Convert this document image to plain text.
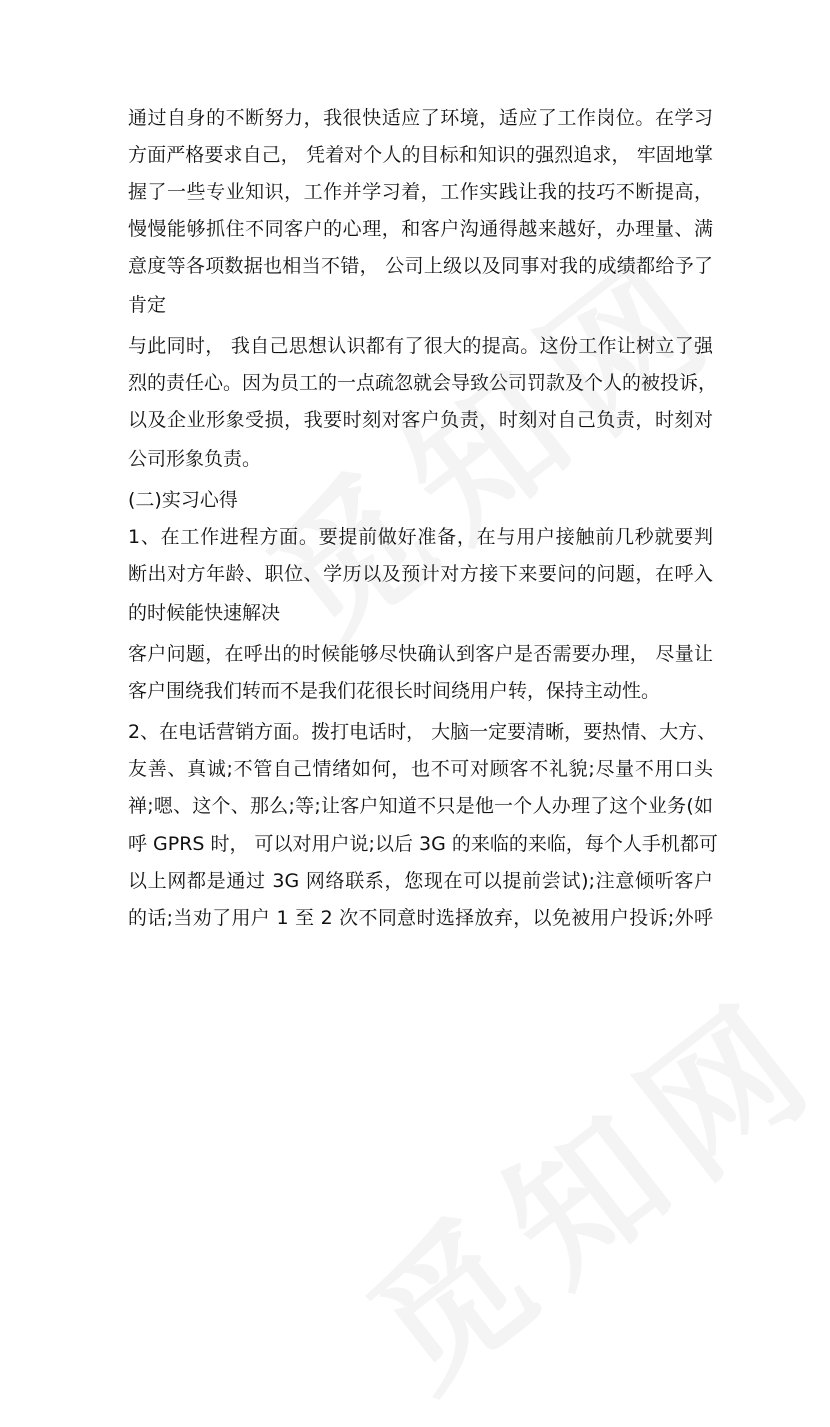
通过自身的不断努力，我很快适应了环境，适应了工作岗位。在学习
方面严格要求自己， 凭着对个人的目标和知识的强烈追求， 牢固地掌
握了一些专业知识，工作并学习着，工作实践让我的技巧不断提高，
慢慢能够抓住不同客户的心理，和客户沟通得越来越好，办理量、满
意度等各项数据也相当不错， 公司上级以及同事对我的成绩都给予了
肯定
与此同时， 我自己思想认识都有了很大的提高。这份工作让树立了强
烈的责任心。因为员工的一点疏忽就会导致公司罚款及个人的被投诉，
以及企业形象受损，我要时刻对客户负责，时刻对自己负责，时刻对
公司形象负责。
(二)实习心得
1、在工作进程方面。要提前做好准备，在与用户接触前几秒就要判
断出对方年龄、职位、学历以及预计对方接下来要问的问题，在呼入
的时候能快速解决
客户问题，在呼出的时候能够尽快确认到客户是否需要办理， 尽量让
客户围绕我们转而不是我们花很长时间绕用户转，保持主动性。
2、在电话营销方面。拨打电话时， 大脑一定要清晰，要热情、大方、
友善、真诚;不管自己情绪如何，也不可对顾客不礼貌;尽量不用口头
禅;嗯、这个、那么;等;让客户知道不只是他一个人办理了这个业务(如
呼 GPRS 时， 可以对用户说;以后 3G 的来临的来临，每个人手机都可
以上网都是通过 3G 网络联系，您现在可以提前尝试);注意倾听客户
的话;当劝了用户 1 至 2 次不同意时选择放弃，以免被用户投诉;外呼
